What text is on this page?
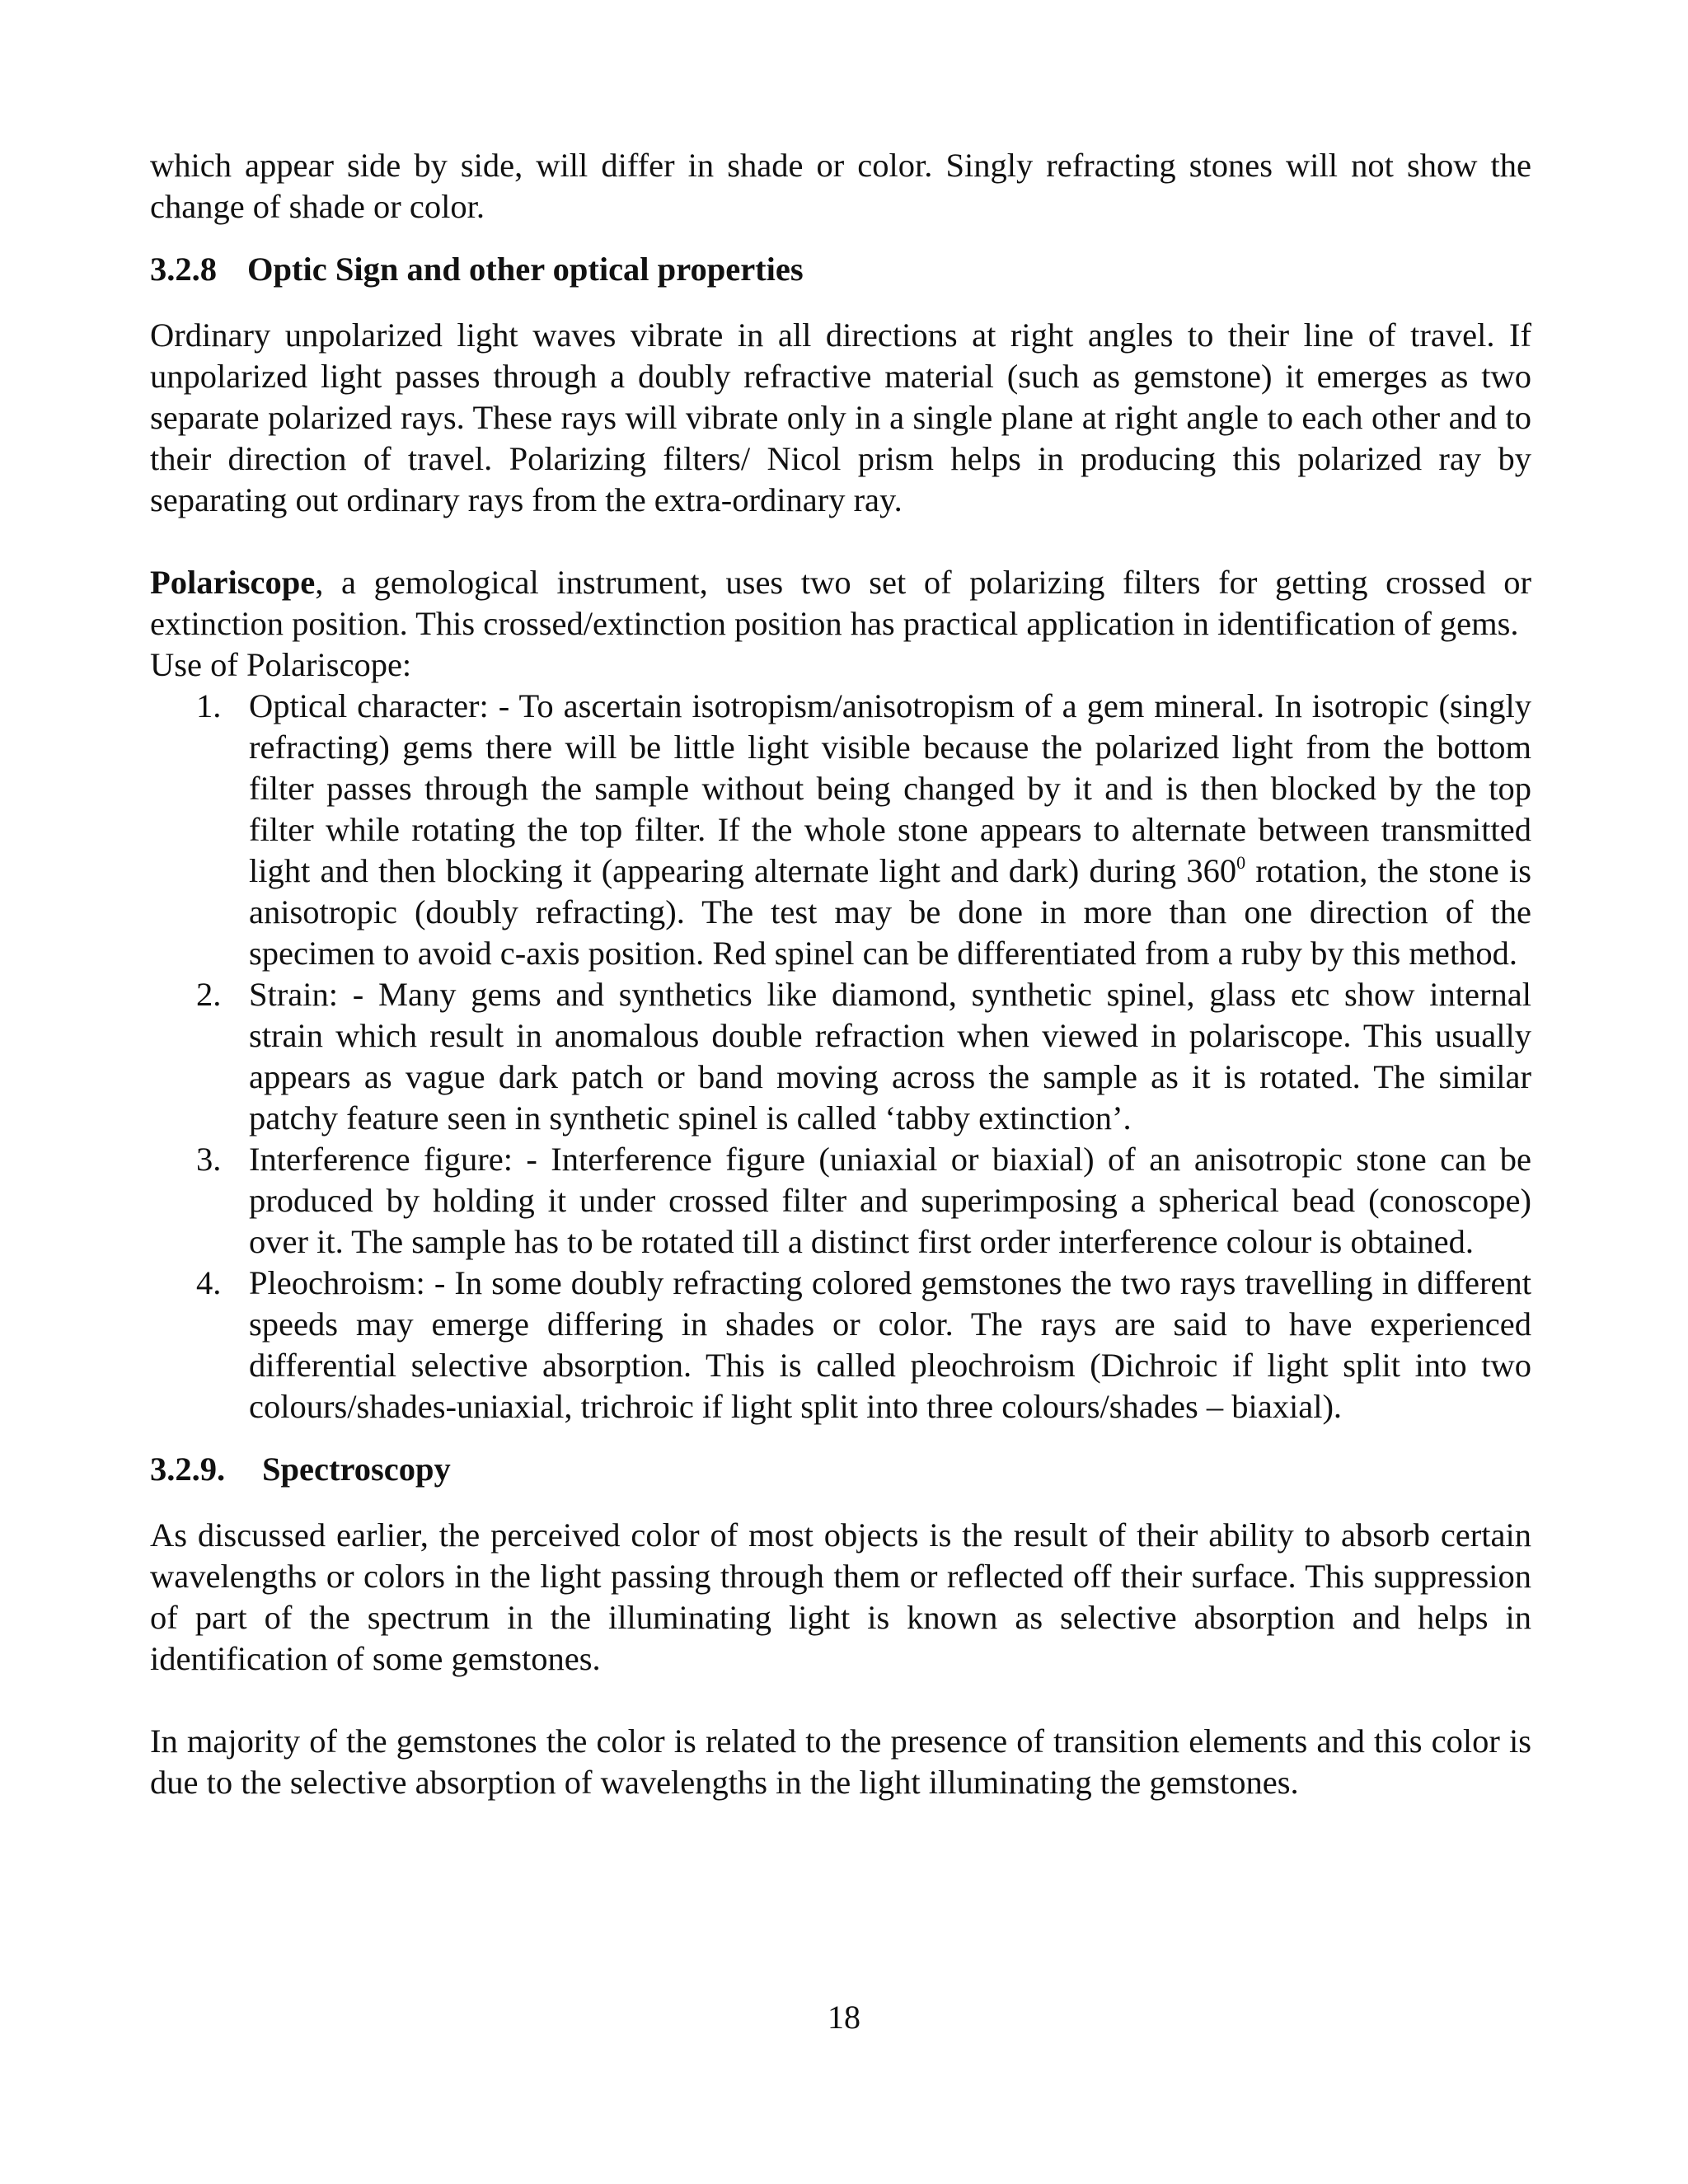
which appear side by side, will differ in shade or color. Singly refracting stones will not show the change of shade or color.

3.2.8 Optic Sign and other optical properties

Ordinary unpolarized light waves vibrate in all directions at right angles to their line of travel. If unpolarized light passes through a doubly refractive material (such as gemstone) it emerges as two separate polarized rays. These rays will vibrate only in a single plane at right angle to each other and to their direction of travel. Polarizing filters/ Nicol prism helps in producing this polarized ray by separating out ordinary rays from the extra-ordinary ray.

Polariscope, a gemological instrument, uses two set of polarizing filters for getting crossed or extinction position. This crossed/extinction position has practical application in identification of gems.

Use of Polariscope:

1. Optical character: - To ascertain isotropism/anisotropism of a gem mineral. In isotropic (singly refracting) gems there will be little light visible because the polarized light from the bottom filter passes through the sample without being changed by it and is then blocked by the top filter while rotating the top filter. If the whole stone appears to alternate between transmitted light and then blocking it (appearing alternate light and dark) during $360^0$ rotation, the stone is anisotropic (doubly refracting). The test may be done in more than one direction of the specimen to avoid c-axis position. Red spinel can be differentiated from a ruby by this method.
2. Strain: - Many gems and synthetics like diamond, synthetic spinel, glass etc show internal strain which result in anomalous double refraction when viewed in polariscope. This usually appears as vague dark patch or band moving across the sample as it is rotated. The similar patchy feature seen in synthetic spinel is called ‘tabby extinction’.
3. Interference figure: - Interference figure (uniaxial or biaxial) of an anisotropic stone can be produced by holding it under crossed filter and superimposing a spherical bead (conoscope) over it. The sample has to be rotated till a distinct first order interference colour is obtained.
4. Pleochroism: - In some doubly refracting colored gemstones the two rays travelling in different speeds may emerge differing in shades or color. The rays are said to have experienced differential selective absorption. This is called pleochroism (Dichroic if light split into two colours/shades-uniaxial, trichroic if light split into three colours/shades – biaxial).
3.2.9. Spectroscopy

As discussed earlier, the perceived color of most objects is the result of their ability to absorb certain wavelengths or colors in the light passing through them or reflected off their surface. This suppression of part of the spectrum in the illuminating light is known as selective absorption and helps in identification of some gemstones.

In majority of the gemstones the color is related to the presence of transition elements and this color is due to the selective absorption of wavelengths in the light illuminating the gemstones.

18
